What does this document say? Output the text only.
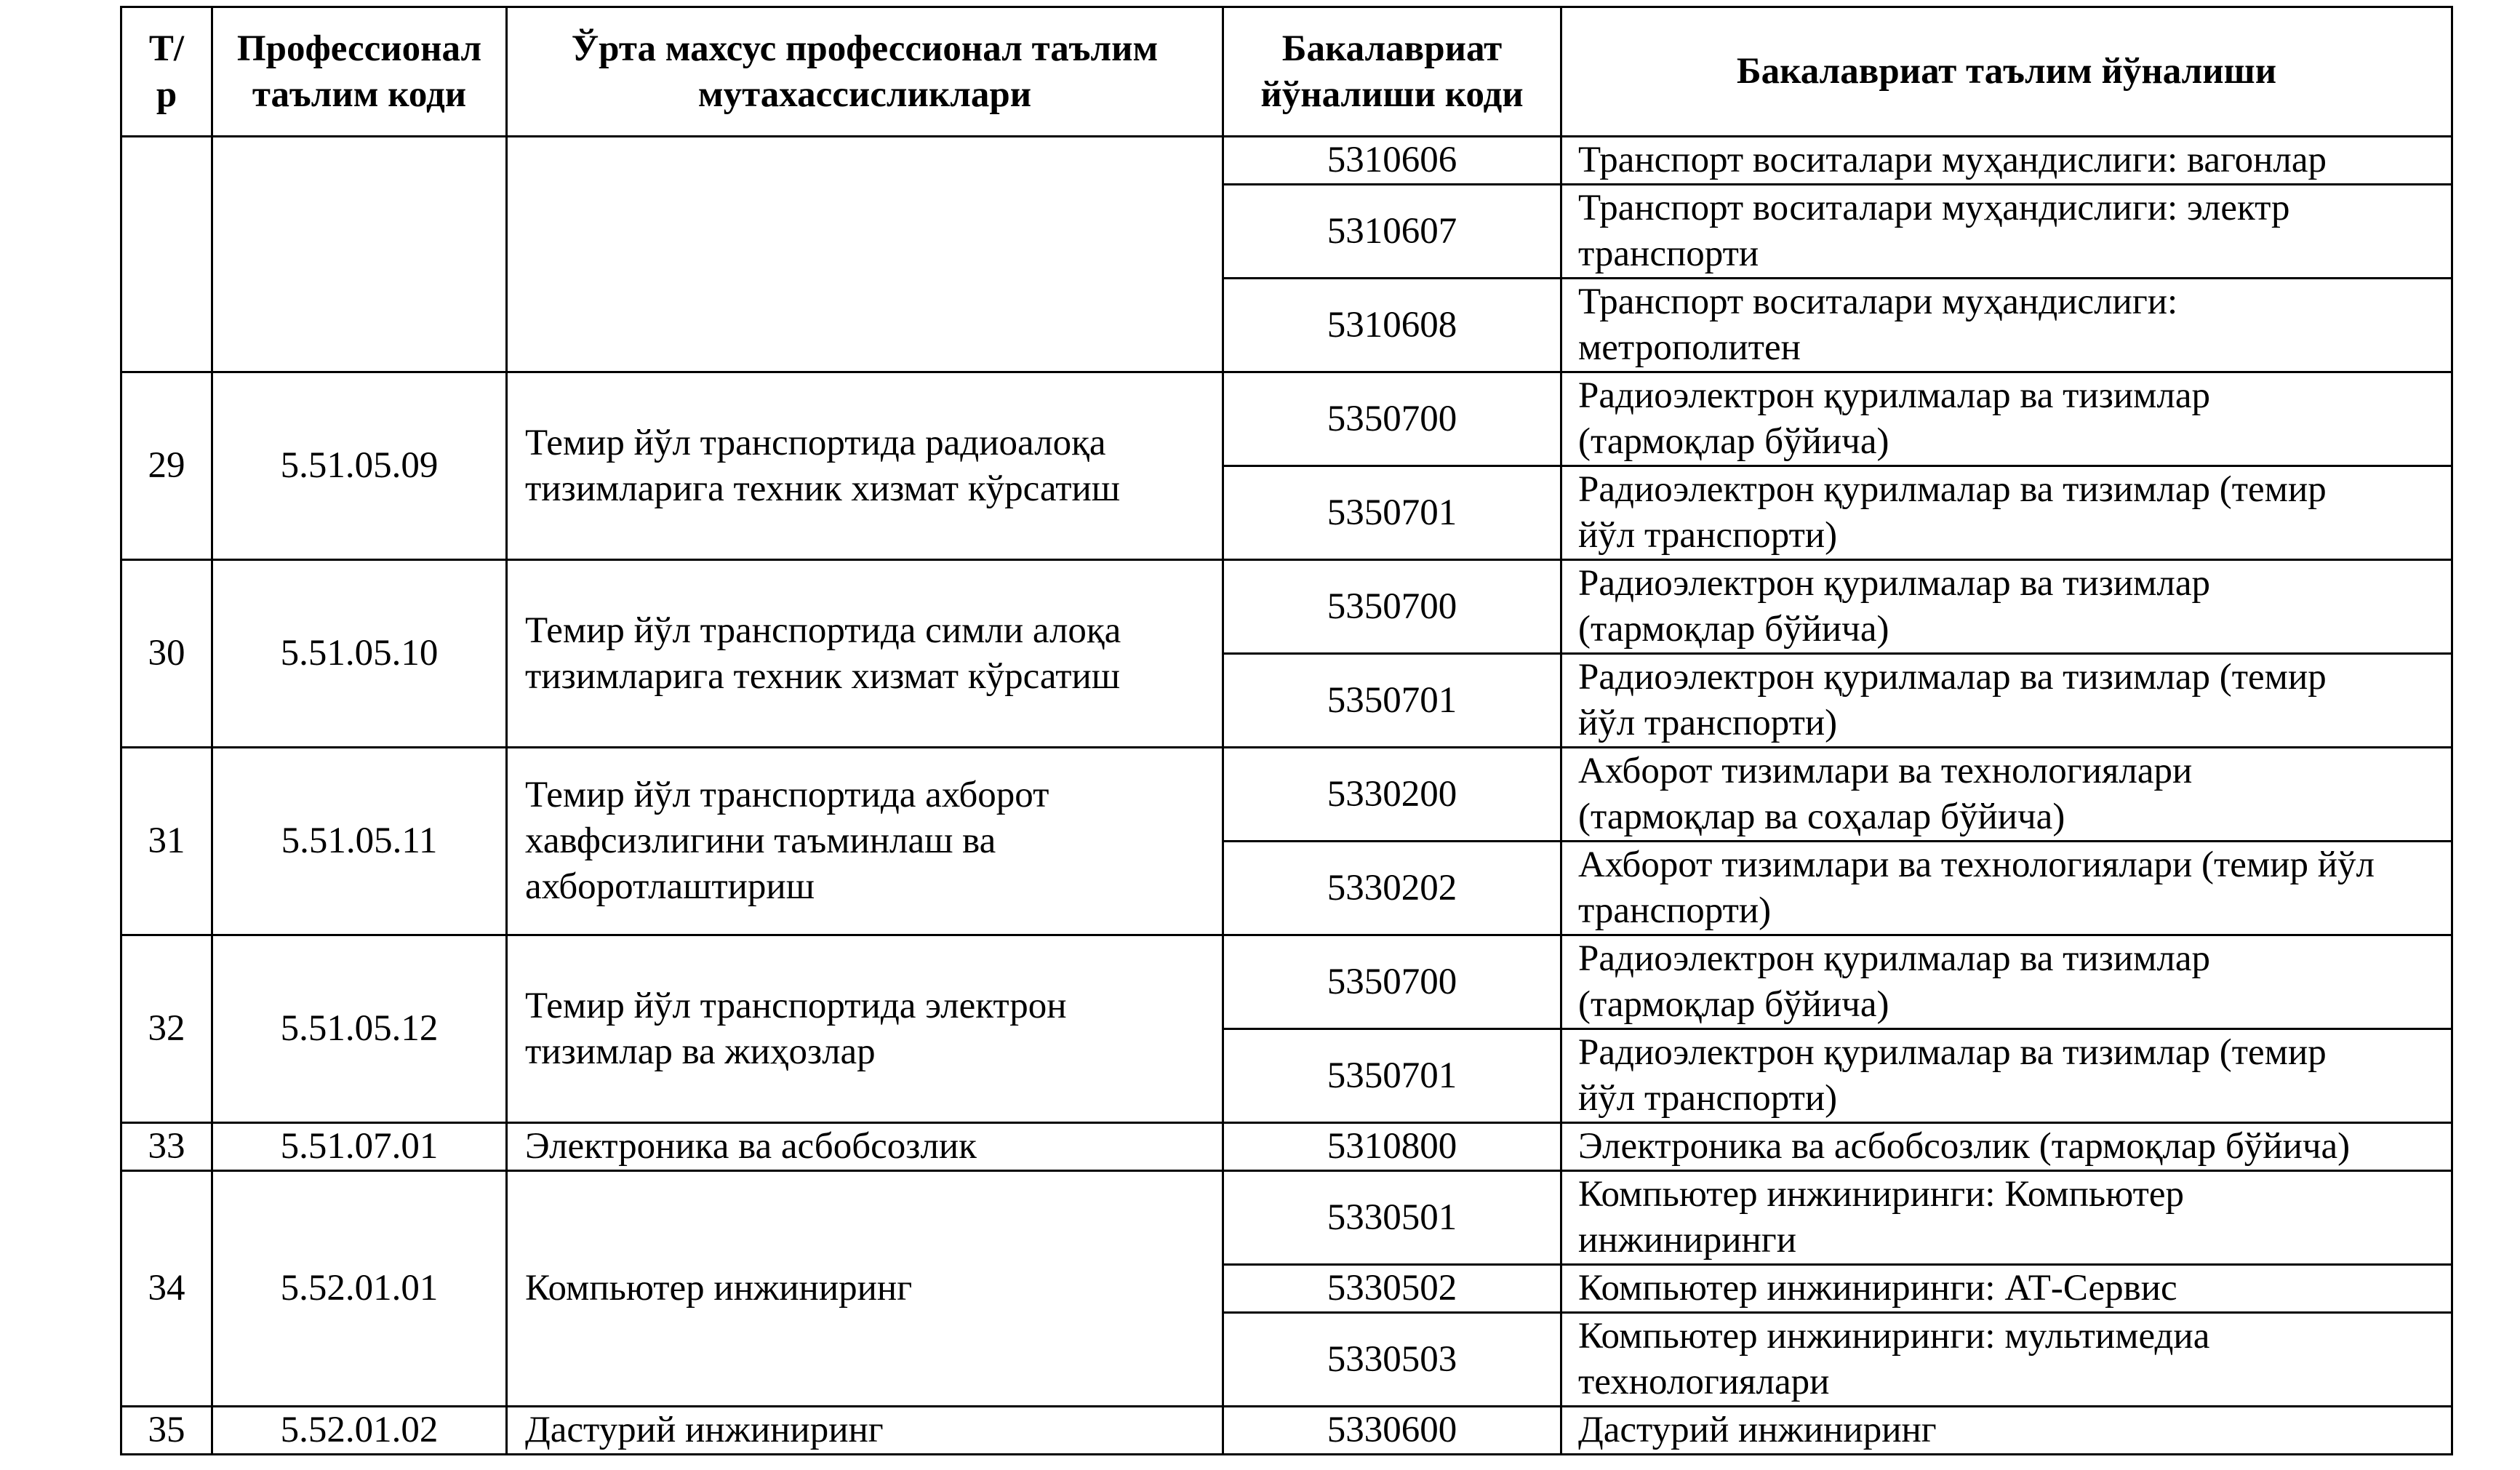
Т/
р	Профессионал
таълим коди	Ўрта махсус профессионал таълим
мутахассисликлари	Бакалавриат
йўналиши коди	Бакалавриат таълим йўналиши
			5310606	Транспорт воситалари муҳандислиги: вагонлар
			5310607	Транспорт воситалари муҳандислиги: электр
транспорти
			5310608	Транспорт воситалари муҳандислиги:
метрополитен
29	5.51.05.09	Темир йўл транспортида радиоалоқа
тизимларига техник хизмат кўрсатиш	5350700	Радиоэлектрон қурилмалар ва тизимлар
(тармоқлар бўйича)
			5350701	Радиоэлектрон қурилмалар ва тизимлар (темир
йўл транспорти)
30	5.51.05.10	Темир йўл транспортида симли алоқа
тизимларига техник хизмат кўрсатиш	5350700	Радиоэлектрон қурилмалар ва тизимлар
(тармоқлар бўйича)
			5350701	Радиоэлектрон қурилмалар ва тизимлар (темир
йўл транспорти)
31	5.51.05.11	Темир йўл транспортида ахборот
хавфсизлигини таъминлаш ва
ахборотлаштириш	5330200	Ахборот тизимлари ва технологиялари
(тармоқлар ва соҳалар бўйича)
			5330202	Ахборот тизимлари ва технологиялари (темир йўл
транспорти)
32	5.51.05.12	Темир йўл транспортида электрон
тизимлар ва жиҳозлар	5350700	Радиоэлектрон қурилмалар ва тизимлар
(тармоқлар бўйича)
			5350701	Радиоэлектрон қурилмалар ва тизимлар (темир
йўл транспорти)
33	5.51.07.01	Электроника ва асбобсозлик	5310800	Электроника ва асбобсозлик (тармоқлар бўйича)
34	5.52.01.01	Компьютер инжиниринг	5330501	Компьютер инжиниринги: Компьютер
инжиниринги
			5330502	Компьютер инжиниринги: АТ-Сервис
			5330503	Компьютер инжиниринги: мультимедиа
технологиялари
35	5.52.01.02	Дастурий инжиниринг	5330600	Дастурий инжиниринг
